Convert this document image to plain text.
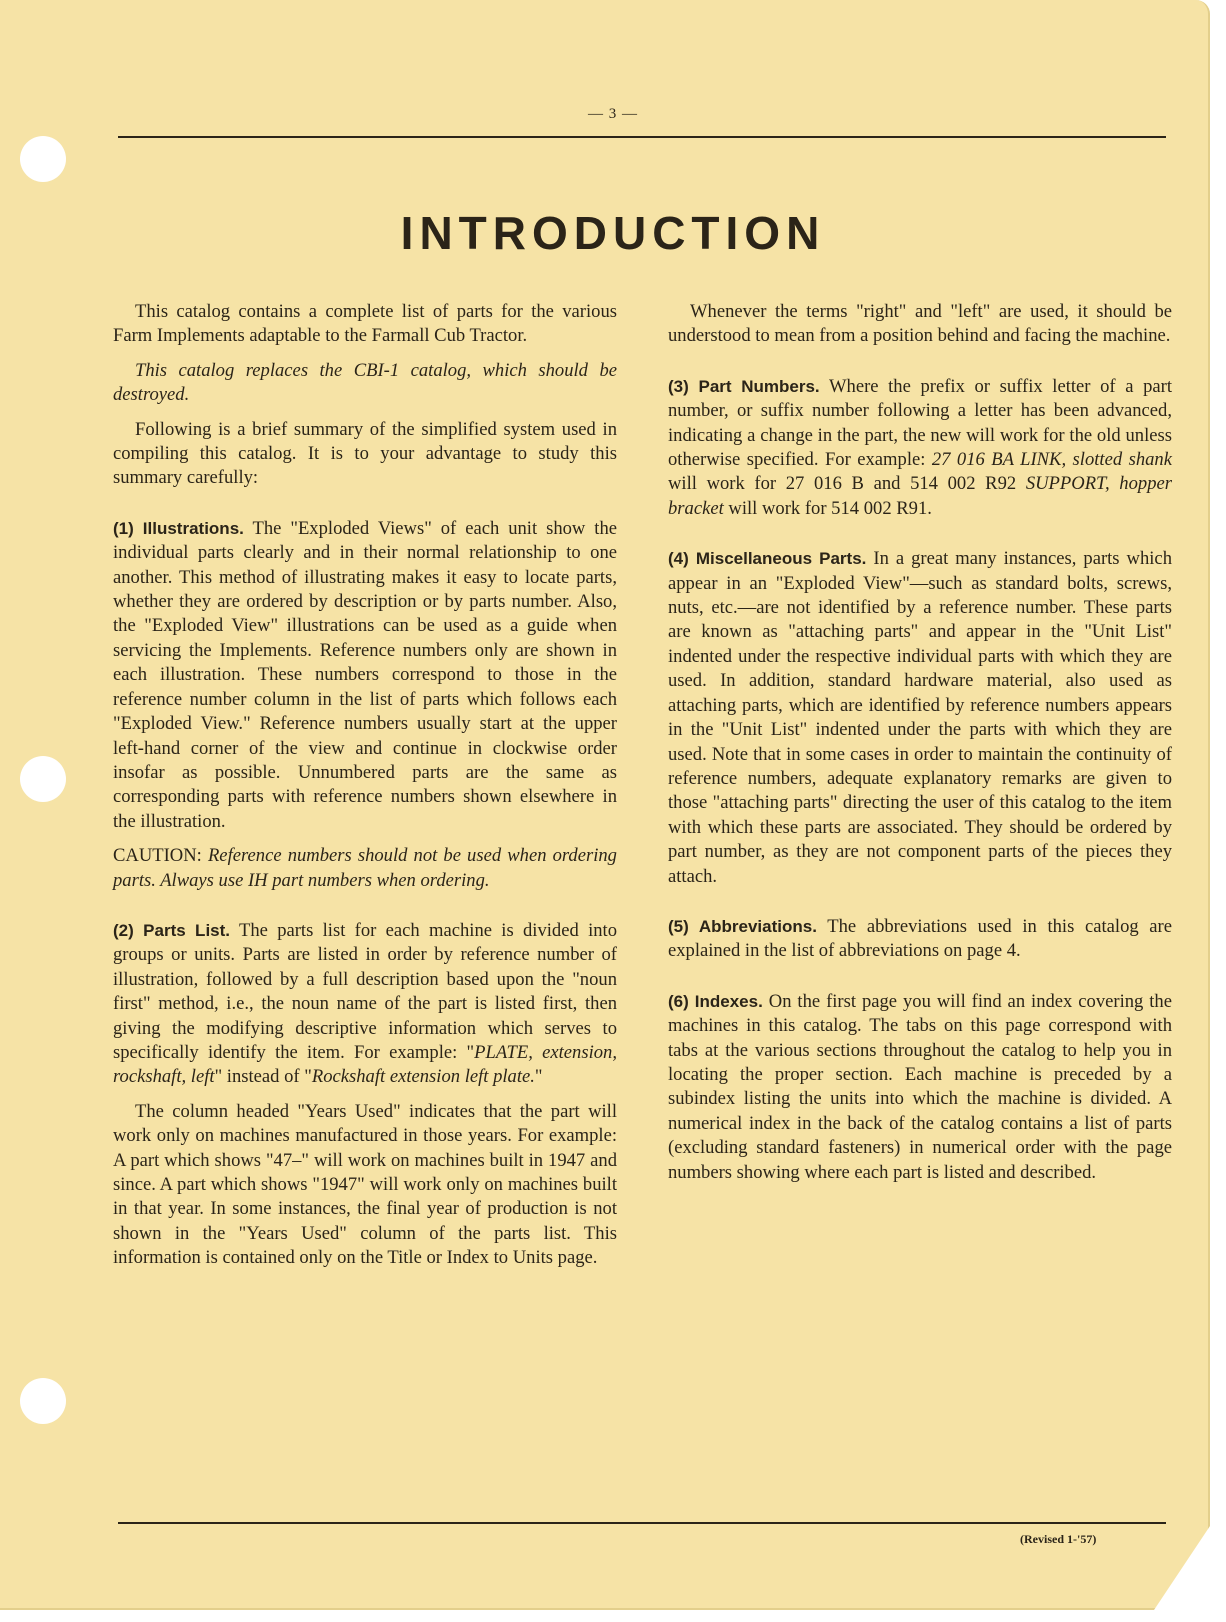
— 3 —
INTRODUCTION

This catalog contains a complete list of parts for the various Farm Implements adaptable to the Farmall Cub Tractor.

This catalog replaces the CBI-1 catalog, which should be destroyed.

Following is a brief summary of the simplified system used in compiling this catalog. It is to your advantage to study this summary carefully:

(1) Illustrations. The "Exploded Views" of each unit show the individual parts clearly and in their normal relationship to one another. This method of illustrating makes it easy to locate parts, whether they are ordered by description or by parts number. Also, the "Exploded View" illustrations can be used as a guide when servicing the Implements. Reference numbers only are shown in each illustration. These numbers correspond to those in the reference number column in the list of parts which follows each "Exploded View." Reference numbers usually start at the upper left-hand corner of the view and continue in clockwise order insofar as possible. Unnumbered parts are the same as corresponding parts with reference numbers shown elsewhere in the illustration.

CAUTION: Reference numbers should not be used when ordering parts. Always use IH part numbers when ordering.

(2) Parts List. The parts list for each machine is divided into groups or units. Parts are listed in order by reference number of illustration, followed by a full description based upon the "noun first" method, i.e., the noun name of the part is listed first, then giving the modifying descriptive information which serves to specifically identify the item. For example: "PLATE, extension, rockshaft, left" instead of "Rockshaft extension left plate."

The column headed "Years Used" indicates that the part will work only on machines manufactured in those years. For example: A part which shows "47–" will work on machines built in 1947 and since. A part which shows "1947" will work only on machines built in that year. In some instances, the final year of production is not shown in the "Years Used" column of the parts list. This information is contained only on the Title or Index to Units page.

Whenever the terms "right" and "left" are used, it should be understood to mean from a position behind and facing the machine.

(3) Part Numbers. Where the prefix or suffix letter of a part number, or suffix number following a letter has been advanced, indicating a change in the part, the new will work for the old unless otherwise specified. For example: 27 016 BA LINK, slotted shank will work for 27 016 B and 514 002 R92 SUPPORT, hopper bracket will work for 514 002 R91.

(4) Miscellaneous Parts. In a great many instances, parts which appear in an "Exploded View"—such as standard bolts, screws, nuts, etc.—are not identified by a reference number. These parts are known as "attaching parts" and appear in the "Unit List" indented under the respective individual parts with which they are used. In addition, standard hardware material, also used as attaching parts, which are identified by reference numbers appears in the "Unit List" indented under the parts with which they are used. Note that in some cases in order to maintain the continuity of reference numbers, adequate explanatory remarks are given to those "attaching parts" directing the user of this catalog to the item with which these parts are associated. They should be ordered by part number, as they are not component parts of the pieces they attach.

(5) Abbreviations. The abbreviations used in this catalog are explained in the list of abbreviations on page 4.

(6) Indexes. On the first page you will find an index covering the machines in this catalog. The tabs on this page correspond with tabs at the various sections throughout the catalog to help you in locating the proper section. Each machine is preceded by a subindex listing the units into which the machine is divided. A numerical index in the back of the catalog contains a list of parts (excluding standard fasteners) in numerical order with the page numbers showing where each part is listed and described.

(Revised 1-'57)
